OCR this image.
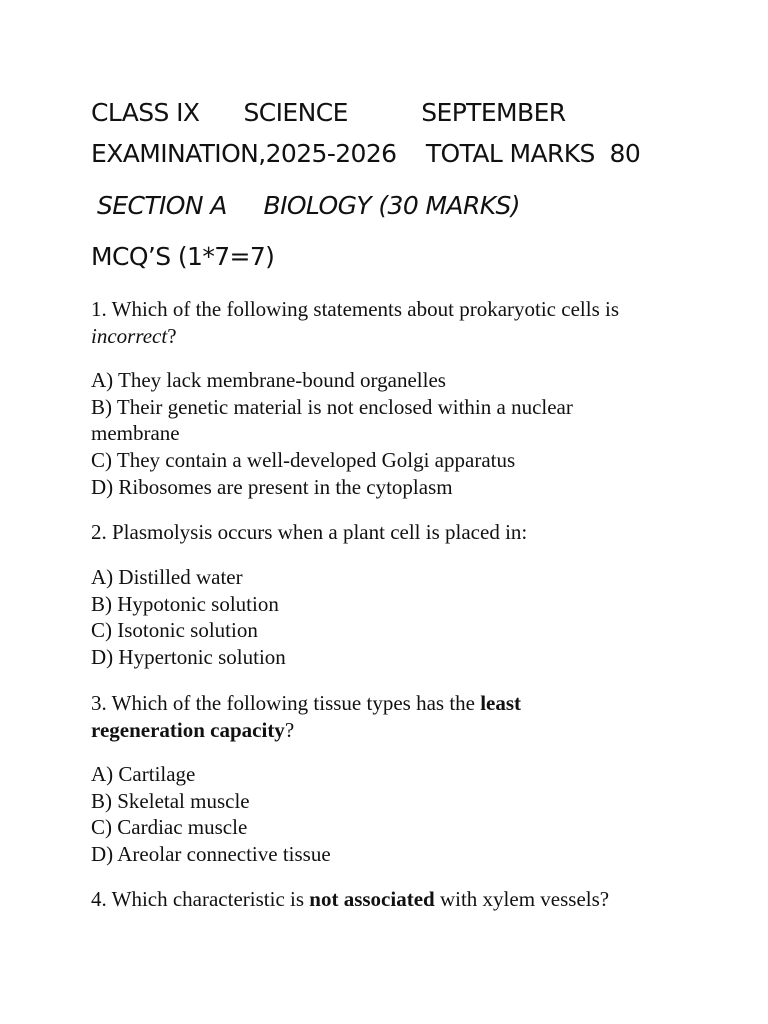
CLASS IX      SCIENCE          SEPTEMBER
EXAMINATION,2025-2026    TOTAL MARKS  80
SECTION A     BIOLOGY (30 MARKS)
MCQ’S (1*7=7)

1. Which of the following statements about prokaryotic cells is incorrect?

A) They lack membrane-bound organelles
B) Their genetic material is not enclosed within a nuclear membrane
C) They contain a well-developed Golgi apparatus
D) Ribosomes are present in the cytoplasm

2. Plasmolysis occurs when a plant cell is placed in:

A) Distilled water
B) Hypotonic solution
C) Isotonic solution
D) Hypertonic solution

3. Which of the following tissue types has the least regeneration capacity?

A) Cartilage
B) Skeletal muscle
C) Cardiac muscle
D) Areolar connective tissue

4. Which characteristic is not associated with xylem vessels?
